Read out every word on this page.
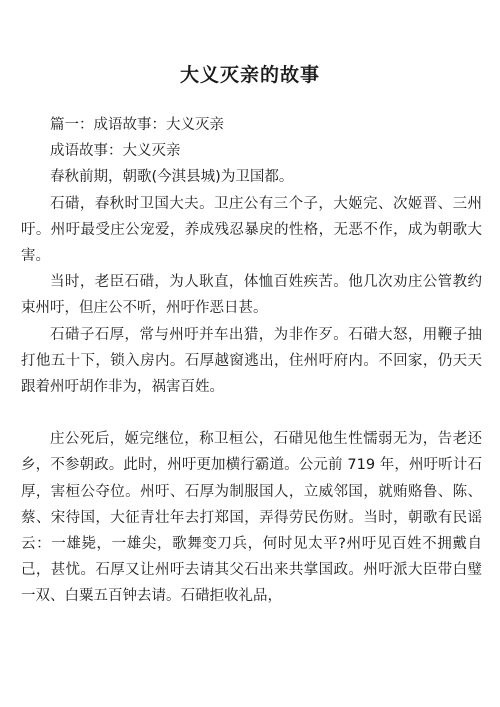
大义灭亲的故事
篇一：成语故事：大义灭亲
成语故事：大义灭亲
春秋前期，朝歌(今淇县城)为卫国都。
石碏，春秋时卫国大夫。卫庄公有三个子，大姬完、次姬晋、三州吁。州吁最受庄公宠爱，养成残忍暴戾的性格，无恶不作，成为朝歌大害。
当时，老臣石碏，为人耿直，体恤百姓疾苦。他几次劝庄公管教约束州吁，但庄公不听，州吁作恶日甚。
石碏子石厚，常与州吁并车出猎，为非作歹。石碏大怒，用鞭子抽打他五十下，锁入房内。石厚越窗逃出，住州吁府内。不回家，仍天天跟着州吁胡作非为，祸害百姓。
庄公死后，姬完继位，称卫桓公，石碏见他生性懦弱无为，告老还乡，不参朝政。此时，州吁更加横行霸道。公元前 719 年，州吁听计石厚，害桓公夺位。州吁、石厚为制服国人，立威邻国，就贿赂鲁、陈、蔡、宋待国，大征青壮年去打郑国，弄得劳民伤财。当时，朝歌有民谣云：一雄毙，一雄尖，歌舞变刀兵，何时见太平?州吁见百姓不拥戴自己，甚忧。石厚又让州吁去请其父石出来共掌国政。州吁派大臣带白璧一双、白粟五百钟去请。石碏拒收礼品，
